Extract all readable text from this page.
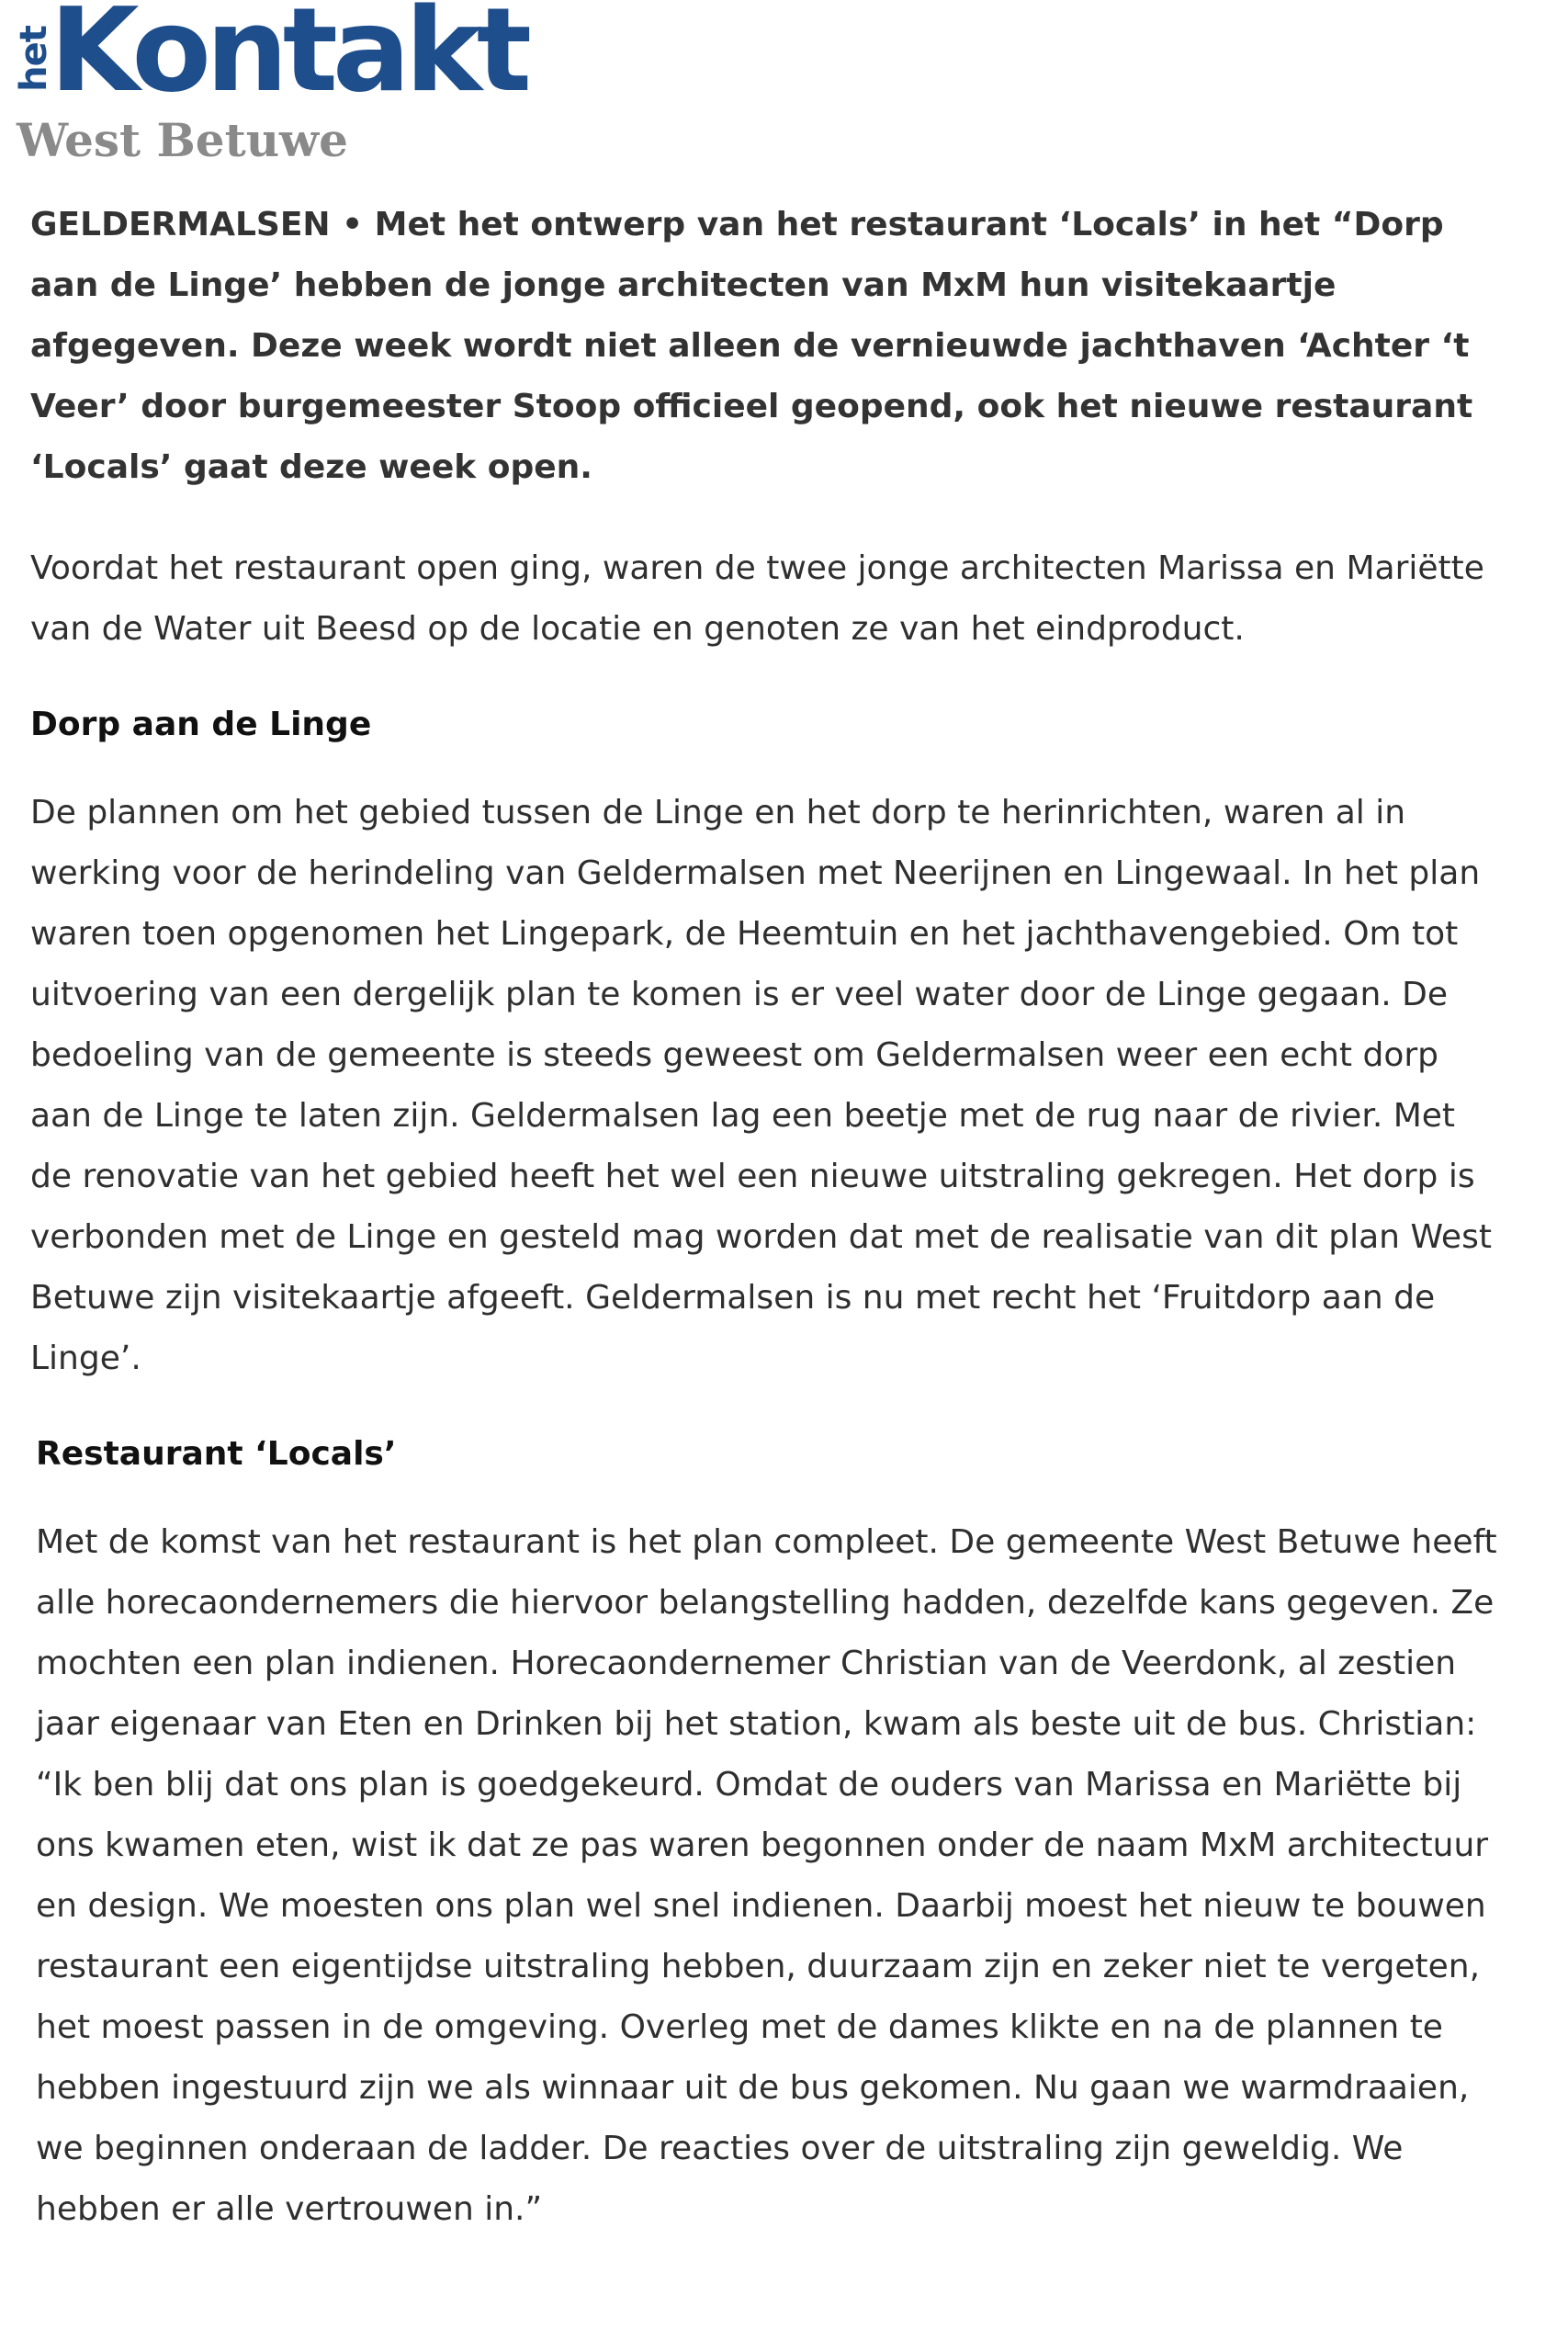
het
Kontakt
West Betuwe

GELDERMALSEN • Met het ontwerp van het restaurant ‘Locals’ in het “Dorp aan de Linge’ hebben de jonge architecten van MxM hun visitekaartje afgegeven. Deze week wordt niet alleen de vernieuwde jachthaven ‘Achter ‘t Veer’ door burgemeester Stoop officieel geopend, ook het nieuwe restaurant ‘Locals’ gaat deze week open.

Voordat het restaurant open ging, waren de twee jonge architecten Marissa en Mariëtte van de Water uit Beesd op de locatie en genoten ze van het eindproduct.

Dorp aan de Linge

De plannen om het gebied tussen de Linge en het dorp te herinrichten, waren al in werking voor de herindeling van Geldermalsen met Neerijnen en Lingewaal. In het plan waren toen opgenomen het Lingepark, de Heemtuin en het jachthavengebied. Om tot uitvoering van een dergelijk plan te komen is er veel water door de Linge gegaan. De bedoeling van de gemeente is steeds geweest om Geldermalsen weer een echt dorp aan de Linge te laten zijn. Geldermalsen lag een beetje met de rug naar de rivier. Met de renovatie van het gebied heeft het wel een nieuwe uitstraling gekregen. Het dorp is verbonden met de Linge en gesteld mag worden dat met de realisatie van dit plan West Betuwe zijn visitekaartje afgeeft. Geldermalsen is nu met recht het ‘Fruitdorp aan de Linge’.

Restaurant ‘Locals’

Met de komst van het restaurant is het plan compleet. De gemeente West Betuwe heeft alle horecaondernemers die hiervoor belangstelling hadden, dezelfde kans gegeven. Ze mochten een plan indienen. Horecaondernemer Christian van de Veerdonk, al zestien jaar eigenaar van Eten en Drinken bij het station, kwam als beste uit de bus. Christian: “Ik ben blij dat ons plan is goedgekeurd. Omdat de ouders van Marissa en Mariëtte bij ons kwamen eten, wist ik dat ze pas waren begonnen onder de naam MxM architectuur en design. We moesten ons plan wel snel indienen. Daarbij moest het nieuw te bouwen restaurant een eigentijdse uitstraling hebben, duurzaam zijn en zeker niet te vergeten, het moest passen in de omgeving. Overleg met de dames klikte en na de plannen te hebben ingestuurd zijn we als winnaar uit de bus gekomen. Nu gaan we warmdraaien, we beginnen onderaan de ladder. De reacties over de uitstraling zijn geweldig. We hebben er alle vertrouwen in.”
